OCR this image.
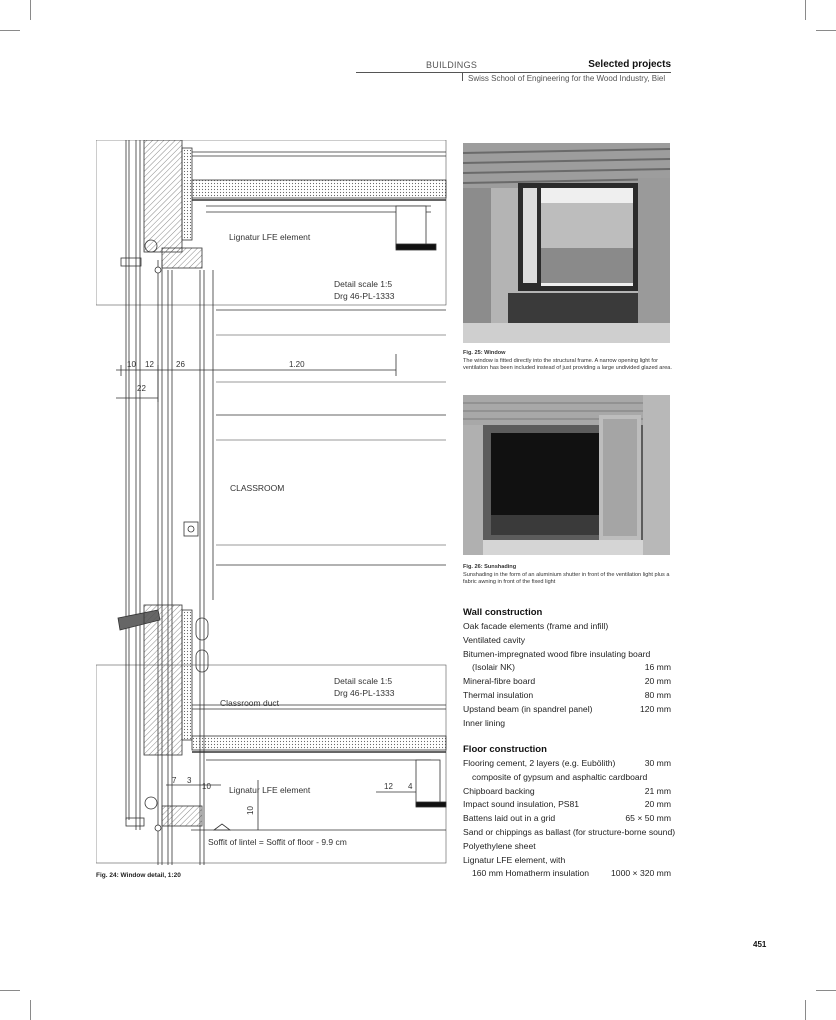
BUILDINGS	Selected projects
Swiss School of Engineering for the Wood Industry, Biel
Lignatur LFE element
Detail scale 1:5
Drg 46-PL-1333
CLASSROOM
Detail scale 1:5
Drg 46-PL-1333
Classroom duct
Lignatur LFE element
Soffit of lintel = Soffit of floor - 9.9 cm
10 12	26	1.20
22
7 3
10	12 4
10
Fig. 24: Window detail, 1:20
Fig. 25: Window
The window is fitted directly into the structural frame. A narrow opening light for ventilation has been included instead of just providing a large undivided glazed area.
Fig. 26: Sunshading
Sunshading in the form of an aluminium shutter in front of the ventilation light plus a fabric awning in front of the fixed light
Wall construction
Oak facade elements (frame and infill)
Ventilated cavity
Bitumen-impregnated wood fibre insulating board
(Isolair NK)	16 mm
Mineral-fibre board	20 mm
Thermal insulation	80 mm
Upstand beam (in spandrel panel)	120 mm
Inner lining
Floor construction
Flooring cement, 2 layers (e.g. Eubölith)	30 mm
composite of gypsum and asphaltic cardboard
Chipboard backing	21 mm
Impact sound insulation, PS81	20 mm
Battens laid out in a grid	65 × 50 mm
Sand or chippings as ballast (for structure-borne sound)
Polyethylene sheet
Lignatur LFE element, with
160 mm Homatherm insulation	1000 × 320 mm
451
